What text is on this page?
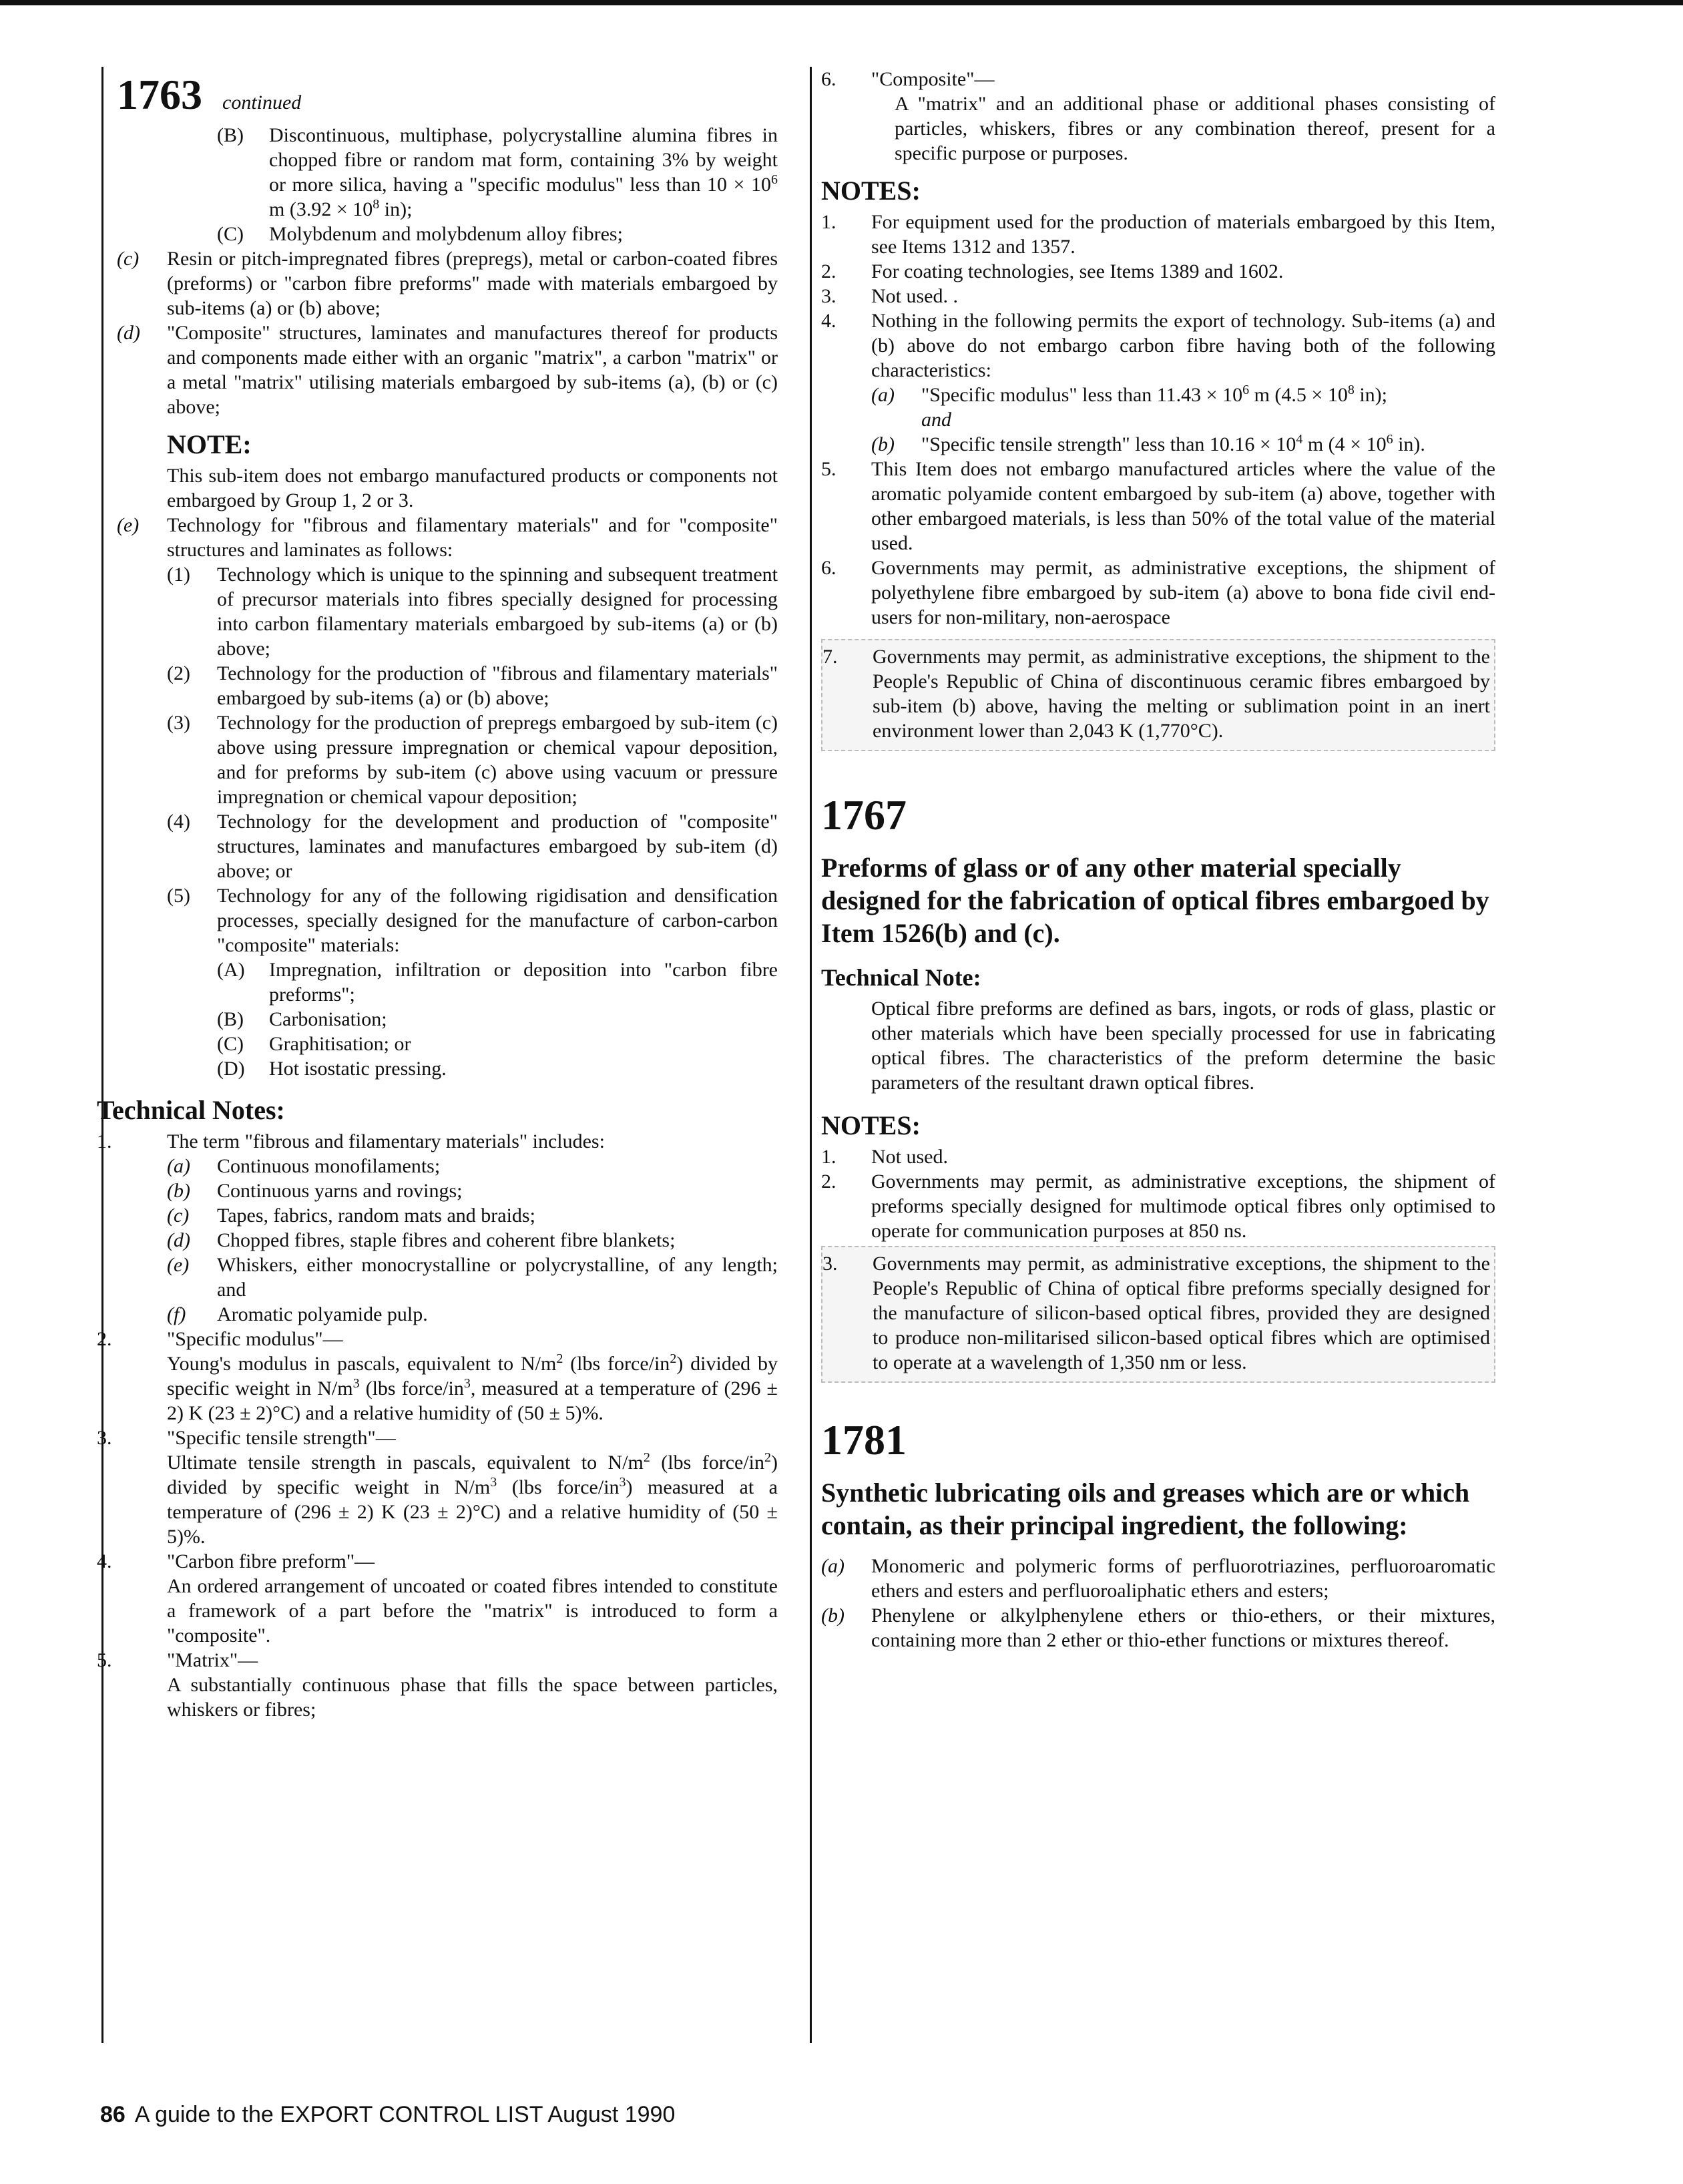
1763 continued
(B)	Discontinuous, multiphase, polycrystalline alumina fibres in chopped fibre or random mat form, containing 3% by weight or more silica, having a "specific modulus" less than $10 \times 10^6$ m ($3.92 \times 10^8$ in);
(C)	Molybdenum and molybdenum alloy fibres;
(c)	Resin or pitch-impregnated fibres (prepregs), metal or carbon-coated fibres (preforms) or "carbon fibre preforms" made with materials embargoed by sub-items (a) or (b) above;
(d)	"Composite" structures, laminates and manufactures thereof for products and components made either with an organic "matrix", a carbon "matrix" or a metal "matrix" utilising materials embargoed by sub-items (a), (b) or (c) above;
NOTE:
This sub-item does not embargo manufactured products or components not embargoed by Group 1, 2 or 3.
(e)	Technology for "fibrous and filamentary materials" and for "composite" structures and laminates as follows:
(1)	Technology which is unique to the spinning and subsequent treatment of precursor materials into fibres specially designed for processing into carbon filamentary materials embargoed by sub-items (a) or (b) above;
(2)	Technology for the production of "fibrous and filamentary materials" embargoed by sub-items (a) or (b) above;
(3)	Technology for the production of prepregs embargoed by sub-item (c) above using pressure impregnation or chemical vapour deposition, and for preforms by sub-item (c) above using vacuum or pressure impregnation or chemical vapour deposition;
(4)	Technology for the development and production of "composite" structures, laminates and manufactures embargoed by sub-item (d) above; or
(5)	Technology for any of the following rigidisation and densification processes, specially designed for the manufacture of carbon-carbon "composite" materials:
(A)	Impregnation, infiltration or deposition into "carbon fibre preforms";
(B)	Carbonisation;
(C)	Graphitisation; or
(D)	Hot isostatic pressing.
Technical Notes:
1.	The term "fibrous and filamentary materials" includes:
(a)	Continuous monofilaments;
(b)	Continuous yarns and rovings;
(c)	Tapes, fabrics, random mats and braids;
(d)	Chopped fibres, staple fibres and coherent fibre blankets;
(e)	Whiskers, either monocrystalline or polycrystalline, of any length; and
(f)	Aromatic polyamide pulp.
2.	"Specific modulus"—
Young's modulus in pascals, equivalent to $N/m^2$ (lbs force/$in^2$) divided by specific weight in $N/m^3$ (lbs force/$in^3$, measured at a temperature of (296 ± 2) K (23 ± 2)°C) and a relative humidity of (50 ± 5)%.
3.	"Specific tensile strength"—
Ultimate tensile strength in pascals, equivalent to $N/m^2$ (lbs force/$in^2$) divided by specific weight in $N/m^3$ (lbs force/$in^3$) measured at a temperature of (296 ± 2) K (23 ± 2)°C) and a relative humidity of (50 ± 5)%.
4.	"Carbon fibre preform"—
An ordered arrangement of uncoated or coated fibres intended to constitute a framework of a part before the "matrix" is introduced to form a "composite".
5.	"Matrix"—
A substantially continuous phase that fills the space between particles, whiskers or fibres;
6.	"Composite"—
A "matrix" and an additional phase or additional phases consisting of particles, whiskers, fibres or any combination thereof, present for a specific purpose or purposes.
NOTES:
1.	For equipment used for the production of materials embargoed by this Item, see Items 1312 and 1357.
2.	For coating technologies, see Items 1389 and 1602.
3.	Not used. .
4.	Nothing in the following permits the export of technology. Sub-items (a) and (b) above do not embargo carbon fibre having both of the following characteristics:
(a)	"Specific modulus" less than $11.43 \times 10^6$ m ($4.5 \times 10^8$ in);
and
(b)	"Specific tensile strength" less than $10.16 \times 10^4$ m ($4 \times 10^6$ in).
5.	This Item does not embargo manufactured articles where the value of the aromatic polyamide content embargoed by sub-item (a) above, together with other embargoed materials, is less than 50% of the total value of the material used.
6.	Governments may permit, as administrative exceptions, the shipment of polyethylene fibre embargoed by sub-item (a) above to bona fide civil end-users for non-military, non-aerospace
7.	Governments may permit, as administrative exceptions, the shipment to the People's Republic of China of discontinuous ceramic fibres embargoed by sub-item (b) above, having the melting or sublimation point in an inert environment lower than 2,043 K (1,770°C).
1767
Preforms of glass or of any other material specially designed for the fabrication of optical fibres embargoed by Item 1526(b) and (c).
Technical Note:
Optical fibre preforms are defined as bars, ingots, or rods of glass, plastic or other materials which have been specially processed for use in fabricating optical fibres. The characteristics of the preform determine the basic parameters of the resultant drawn optical fibres.
NOTES:
1.	Not used.
2.	Governments may permit, as administrative exceptions, the shipment of preforms specially designed for multimode optical fibres only optimised to operate for communication purposes at 850 ns.
3.	Governments may permit, as administrative exceptions, the shipment to the People's Republic of China of optical fibre preforms specially designed for the manufacture of silicon-based optical fibres, provided they are designed to produce non-militarised silicon-based optical fibres which are optimised to operate at a wavelength of 1,350 nm or less.
1781
Synthetic lubricating oils and greases which are or which contain, as their principal ingredient, the following:
(a)	Monomeric and polymeric forms of perfluorotriazines, perfluoroaromatic ethers and esters and perfluoroaliphatic ethers and esters;
(b)	Phenylene or alkylphenylene ethers or thio-ethers, or their mixtures, containing more than 2 ether or thio-ether functions or mixtures thereof.
86 A guide to the EXPORT CONTROL LIST August 1990
